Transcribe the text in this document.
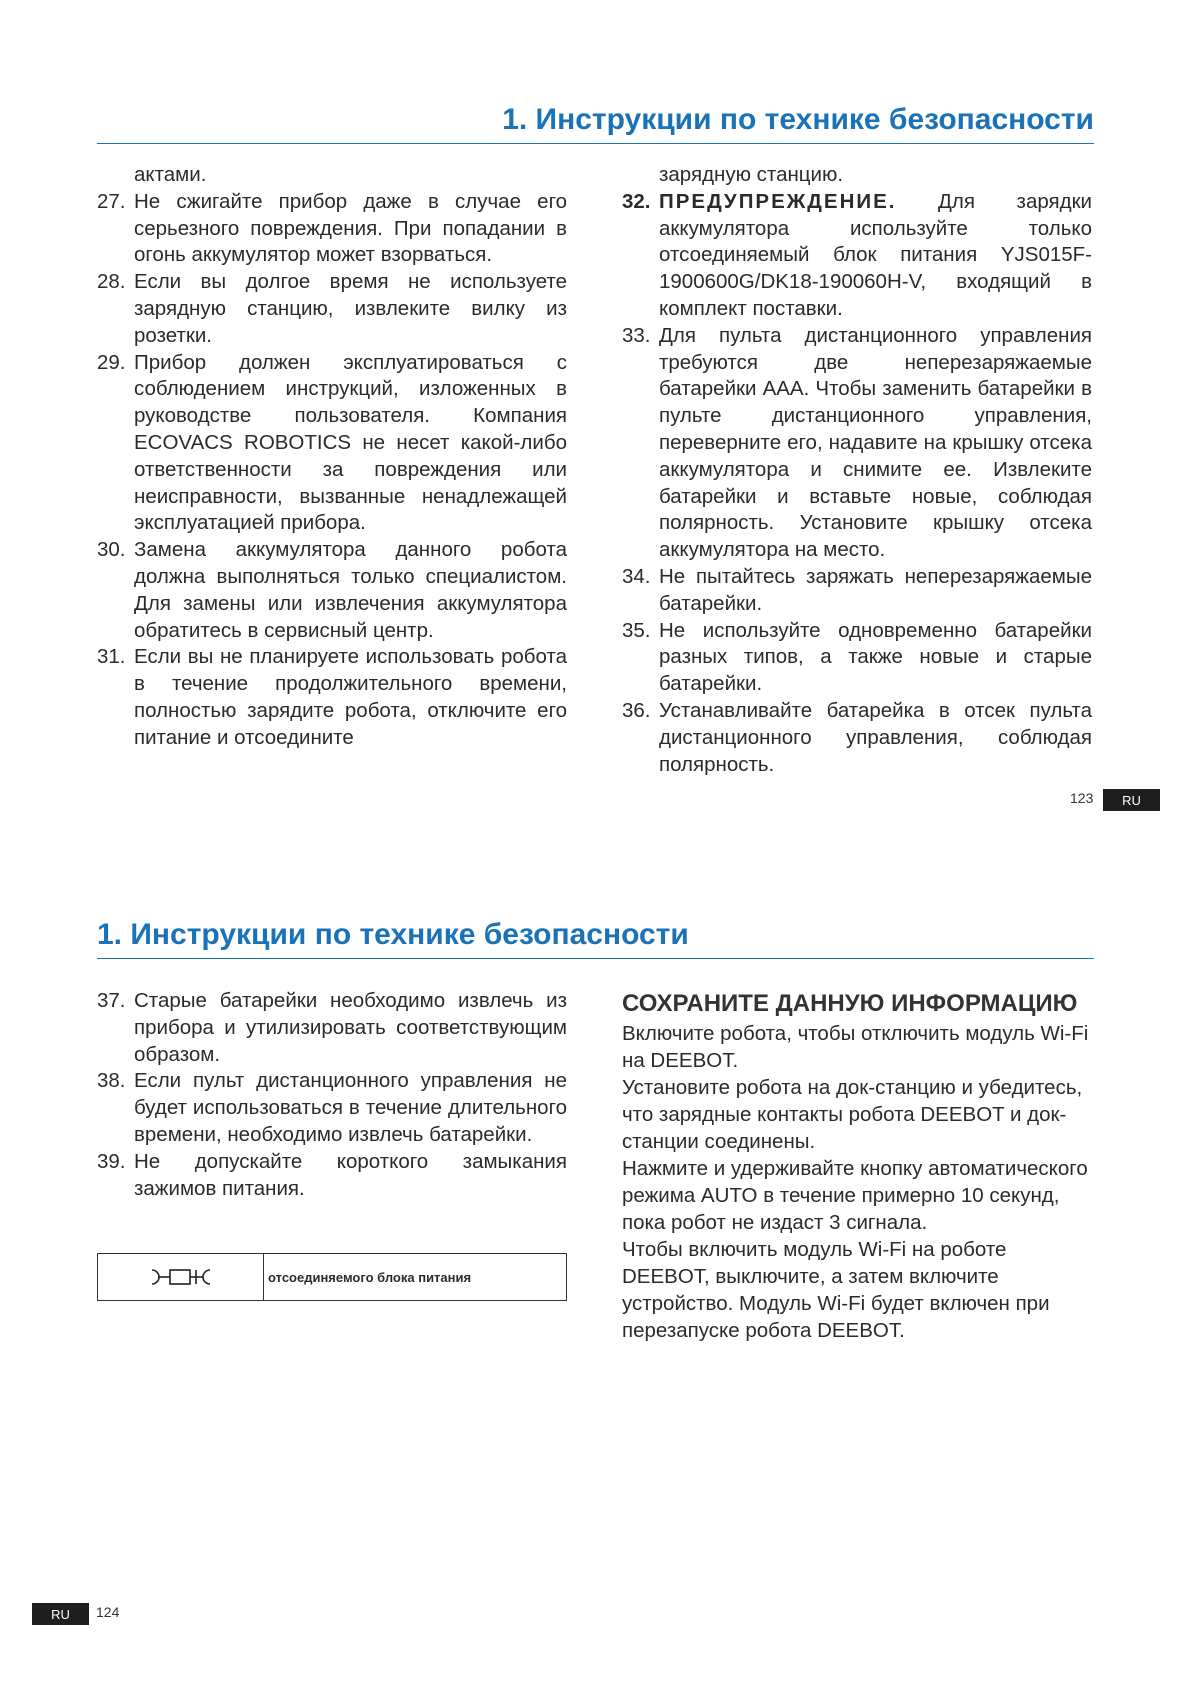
1. Инструкции по технике безопасности
актами.
27. Не сжигайте прибор даже в случае его серьезного повреждения. При попадании в огонь аккумулятор может взорваться.
28. Если вы долгое время не используете зарядную станцию, извлеките вилку из розетки.
29. Прибор должен эксплуатироваться с соблюдением инструкций, изложенных в руководстве пользователя. Компания ECOVACS ROBOTICS не несет какой-либо ответственности за повреждения или неисправности, вызванные ненадлежащей эксплуатацией прибора.
30. Замена аккумулятора данного робота должна выполняться только специалистом. Для замены или извлечения аккумулятора обратитесь в сервисный центр.
31. Если вы не планируете использовать робота в течение продолжительного времени, полностью зарядите робота, отключите его питание и отсоедините
зарядную станцию.
32. ПРЕДУПРЕЖДЕНИЕ. Для зарядки аккумулятора используйте только отсоединяемый блок питания YJS015F-1900600G/DK18-190060H-V, входящий в комплект поставки.
33. Для пульта дистанционного управления требуются две неперезаряжаемые батарейки AAA. Чтобы заменить батарейки в пульте дистанционного управления, переверните его, надавите на крышку отсека аккумулятора и снимите ее. Извлеките батарейки и вставьте новые, соблюдая полярность. Установите крышку отсека аккумулятора на место.
34. Не пытайтесь заряжать неперезаряжаемые батарейки.
35. Не используйте одновременно батарейки разных типов, а также новые и старые батарейки.
36. Устанавливайте батарейка в отсек пульта дистанционного управления, соблюдая полярность.
123	RU
1. Инструкции по технике безопасности
37. Старые батарейки необходимо извлечь из прибора и утилизировать соответствующим образом.
38. Если пульт дистанционного управления не будет использоваться в течение длительного времени, необходимо извлечь батарейки.
39. Не допускайте короткого замыкания зажимов питания.
отсоединяемого блока питания
СОХРАНИТЕ ДАННУЮ ИНФОРМАЦИЮ

Включите робота, чтобы отключить модуль Wi-Fi на DEEBOT.

Установите робота на док-станцию и убедитесь, что зарядные контакты робота DEEBOT и док-станции соединены.

Нажмите и удерживайте кнопку автоматического режима AUTO в течение примерно 10 секунд, пока робот не издаст 3 сигнала.

Чтобы включить модуль Wi-Fi на роботе DEEBOT, выключите, а затем включите устройство. Модуль Wi-Fi будет включен при перезапуске робота DEEBOT.

RU	124
